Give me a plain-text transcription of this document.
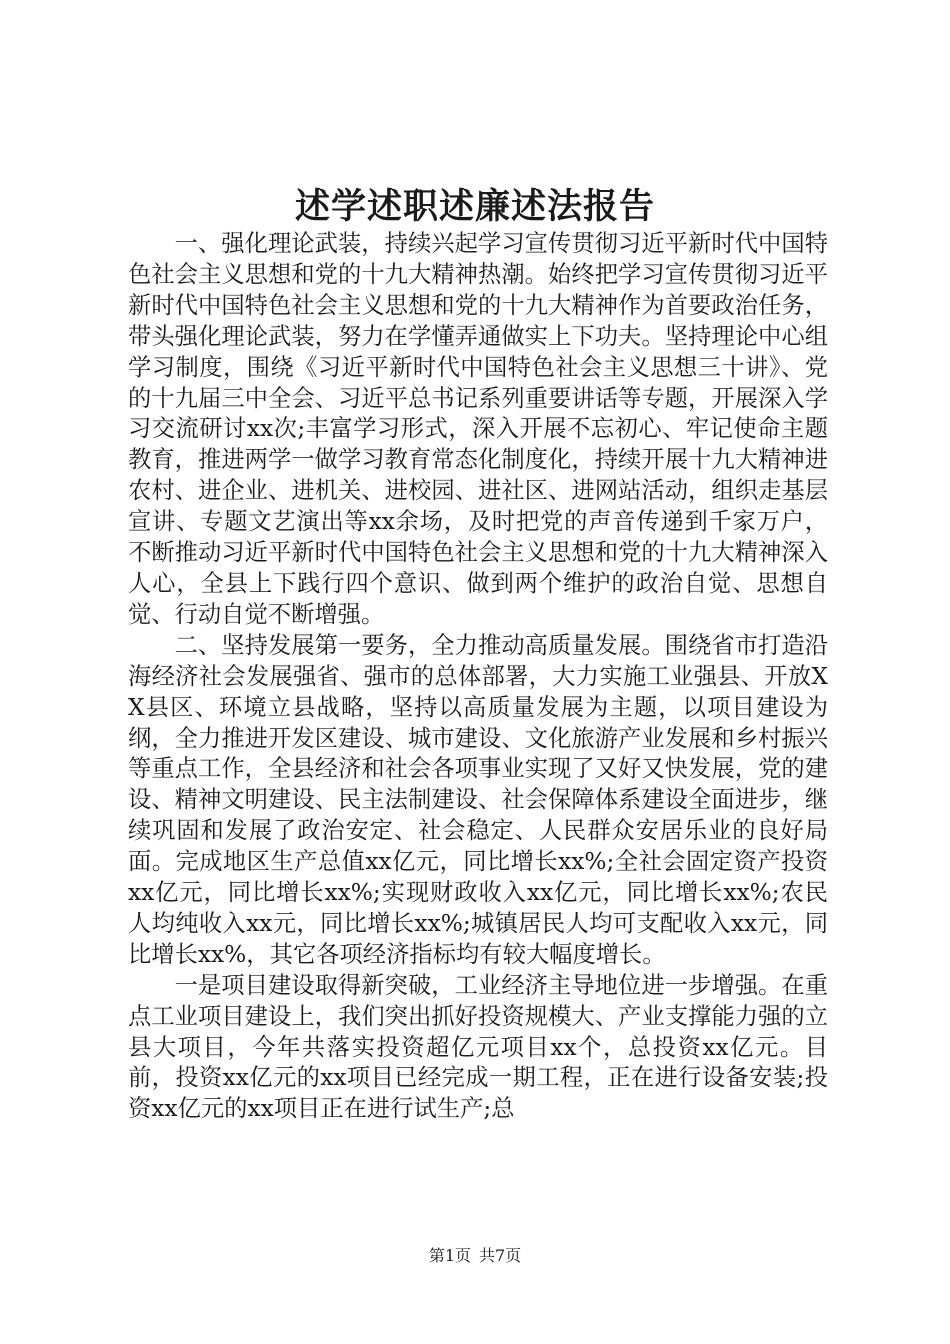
述学述职述廉述法报告

一、强化理论武装，持续兴起学习宣传贯彻习近平新时代中国特色社会主义思想和党的十九大精神热潮。始终把学习宣传贯彻习近平新时代中国特色社会主义思想和党的十九大精神作为首要政治任务，带头强化理论武装，努力在学懂弄通做实上下功夫。坚持理论中心组学习制度，围绕《习近平新时代中国特色社会主义思想三十讲》、党的十九届三中全会、习近平总书记系列重要讲话等专题，开展深入学习交流研讨xx次;丰富学习形式，深入开展不忘初心、牢记使命主题教育，推进两学一做学习教育常态化制度化，持续开展十九大精神进农村、进企业、进机关、进校园、进社区、进网站活动，组织走基层宣讲、专题文艺演出等xx余场，及时把党的声音传递到千家万户，不断推动习近平新时代中国特色社会主义思想和党的十九大精神深入人心，全县上下践行四个意识、做到两个维护的政治自觉、思想自觉、行动自觉不断增强。

二、坚持发展第一要务，全力推动高质量发展。围绕省市打造沿海经济社会发展强省、强市的总体部署，大力实施工业强县、开放XX县区、环境立县战略，坚持以高质量发展为主题，以项目建设为纲，全力推进开发区建设、城市建设、文化旅游产业发展和乡村振兴等重点工作，全县经济和社会各项事业实现了又好又快发展，党的建设、精神文明建设、民主法制建设、社会保障体系建设全面进步，继续巩固和发展了政治安定、社会稳定、人民群众安居乐业的良好局面。完成地区生产总值xx亿元，同比增长xx%;全社会固定资产投资xx亿元，同比增长xx%;实现财政收入xx亿元，同比增长xx%;农民人均纯收入xx元，同比增长xx%;城镇居民人均可支配收入xx元，同比增长xx%，其它各项经济指标均有较大幅度增长。

一是项目建设取得新突破，工业经济主导地位进一步增强。在重点工业项目建设上，我们突出抓好投资规模大、产业支撑能力强的立县大项目，今年共落实投资超亿元项目xx个，总投资xx亿元。目前，投资xx亿元的xx项目已经完成一期工程，正在进行设备安装;投资xx亿元的xx项目正在进行试生产;总

第1页 共7页
